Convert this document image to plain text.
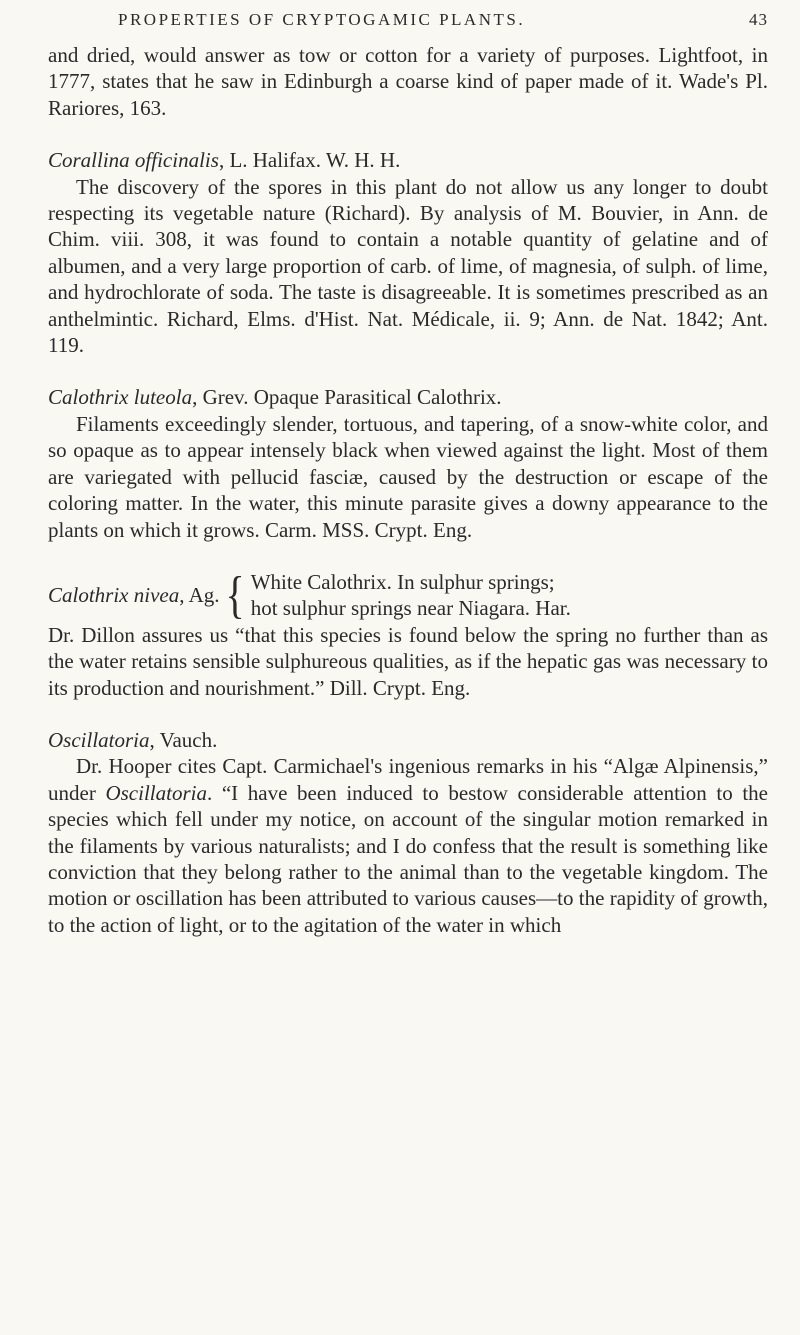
PROPERTIES OF CRYPTOGAMIC PLANTS.	43

and dried, would answer as tow or cotton for a variety of purposes. Lightfoot, in 1777, states that he saw in Edinburgh a coarse kind of paper made of it. Wade's Pl. Rariores, 163.

Corallina officinalis, L. Halifax. W. H. H.

The discovery of the spores in this plant do not allow us any longer to doubt respecting its vegetable nature (Richard). By analysis of M. Bouvier, in Ann. de Chim. viii. 308, it was found to contain a notable quantity of gelatine and of albumen, and a very large proportion of carb. of lime, of magnesia, of sulph. of lime, and hydrochlorate of soda. The taste is disagreeable. It is sometimes prescribed as an anthelmintic. Richard, Elms. d'Hist. Nat. Médicale, ii. 9; Ann. de Nat. 1842; Ant. 119.

Calothrix luteola, Grev. Opaque Parasitical Calothrix.

Filaments exceedingly slender, tortuous, and tapering, of a snow-white color, and so opaque as to appear intensely black when viewed against the light. Most of them are variegated with pellucid fasciæ, caused by the destruction or escape of the coloring matter. In the water, this minute parasite gives a downy appearance to the plants on which it grows. Carm. MSS. Crypt. Eng.

Calothrix nivea, Ag. { White Calothrix. In sulphur springs;
hot sulphur springs near Niagara. Har.

Dr. Dillon assures us “that this species is found below the spring no further than as the water retains sensible sulphureous qualities, as if the hepatic gas was necessary to its production and nourishment.” Dill. Crypt. Eng.

Oscillatoria, Vauch.

Dr. Hooper cites Capt. Carmichael's ingenious remarks in his “Algæ Alpinensis,” under Oscillatoria. “I have been induced to bestow considerable attention to the species which fell under my notice, on account of the singular motion remarked in the filaments by various naturalists; and I do confess that the result is something like conviction that they belong rather to the animal than to the vegetable kingdom. The motion or oscillation has been attributed to various causes—to the rapidity of growth, to the action of light, or to the agitation of the water in which
